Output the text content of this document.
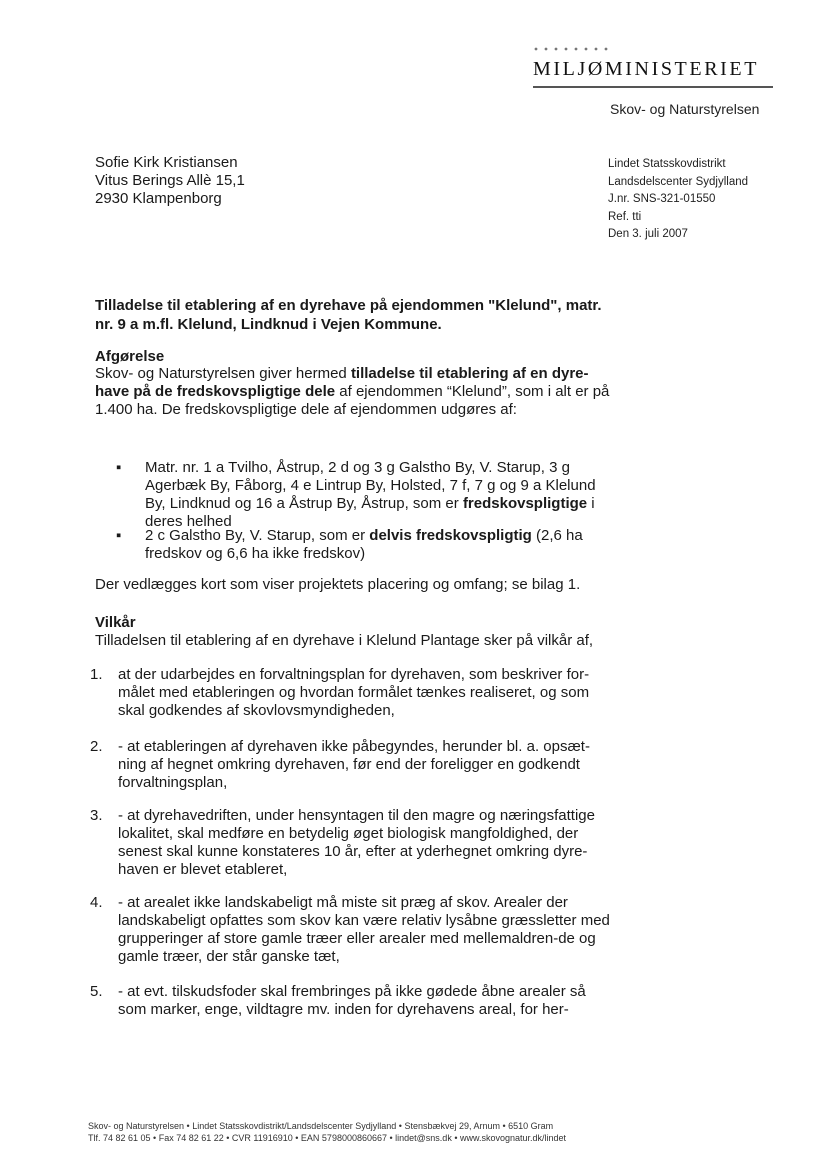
MILJØMINISTERIET
Skov- og Naturstyrelsen
Sofie Kirk Kristiansen
Vitus Berings Allè 15,1
2930 Klampenborg
Lindet Statsskovdistrikt
Landsdelscenter Sydjylland
J.nr. SNS-321-01550
Ref. tti
Den 3. juli 2007
Tilladelse til etablering af en dyrehave på ejendommen "Klelund", matr. nr. 9 a m.fl. Klelund, Lindknud i Vejen Kommune.
Afgørelse
Skov- og Naturstyrelsen giver hermed tilladelse til etablering af en dyre-have på de fredskovspligtige dele af ejendommen “Klelund”, som i alt er på 1.400 ha. De fredskovspligtige dele af ejendommen udgøres af:
▪ Matr. nr. 1 a Tvilho, Åstrup, 2 d og 3 g Galstho By, V. Starup, 3 g Agerbæk By, Fåborg, 4 e Lintrup By, Holsted, 7 f, 7 g og 9 a Klelund By, Lindknud og 16 a Åstrup By, Åstrup, som er fredskovspligtige i deres helhed
▪ 2 c Galstho By, V. Starup, som er delvis fredskovspligtig (2,6 ha fredskov og 6,6 ha ikke fredskov)
Der vedlægges kort som viser projektets placering og omfang; se bilag 1.
Vilkår
Tilladelsen til etablering af en dyrehave i Klelund Plantage sker på vilkår af,
1. at der udarbejdes en forvaltningsplan for dyrehaven, som beskriver for-målet med etableringen og hvordan formålet tænkes realiseret, og som skal godkendes af skovlovsmyndigheden,
2. - at etableringen af dyrehaven ikke påbegyndes, herunder bl. a. opsæt-ning af hegnet omkring dyrehaven, før end der foreligger en godkendt forvaltningsplan,
3. - at dyrehavedriften, under hensyntagen til den magre og næringsfattige lokalitet, skal medføre en betydelig øget biologisk mangfoldighed, der senest skal kunne konstateres 10 år, efter at yderhegnet omkring dyre-haven er blevet etableret,
4. - at arealet ikke landskabeligt må miste sit præg af skov. Arealer der landskabeligt opfattes som skov kan være relativ lysåbne græssletter med grupperinger af store gamle træer eller arealer med mellemaldren-de og gamle træer, der står ganske tæt,
5. - at evt. tilskudsfoder skal frembringes på ikke gødede åbne arealer så som marker, enge, vildtagre mv. inden for dyrehavens areal, for her-
Skov- og Naturstyrelsen • Lindet Statsskovdistrikt/Landsdelscenter Sydjylland • Stensbækvej 29, Arnum • 6510 Gram
Tlf. 74 82 61 05 • Fax 74 82 61 22 • CVR 11916910 • EAN 5798000860667 • lindet@sns.dk • www.skovognatur.dk/lindet
